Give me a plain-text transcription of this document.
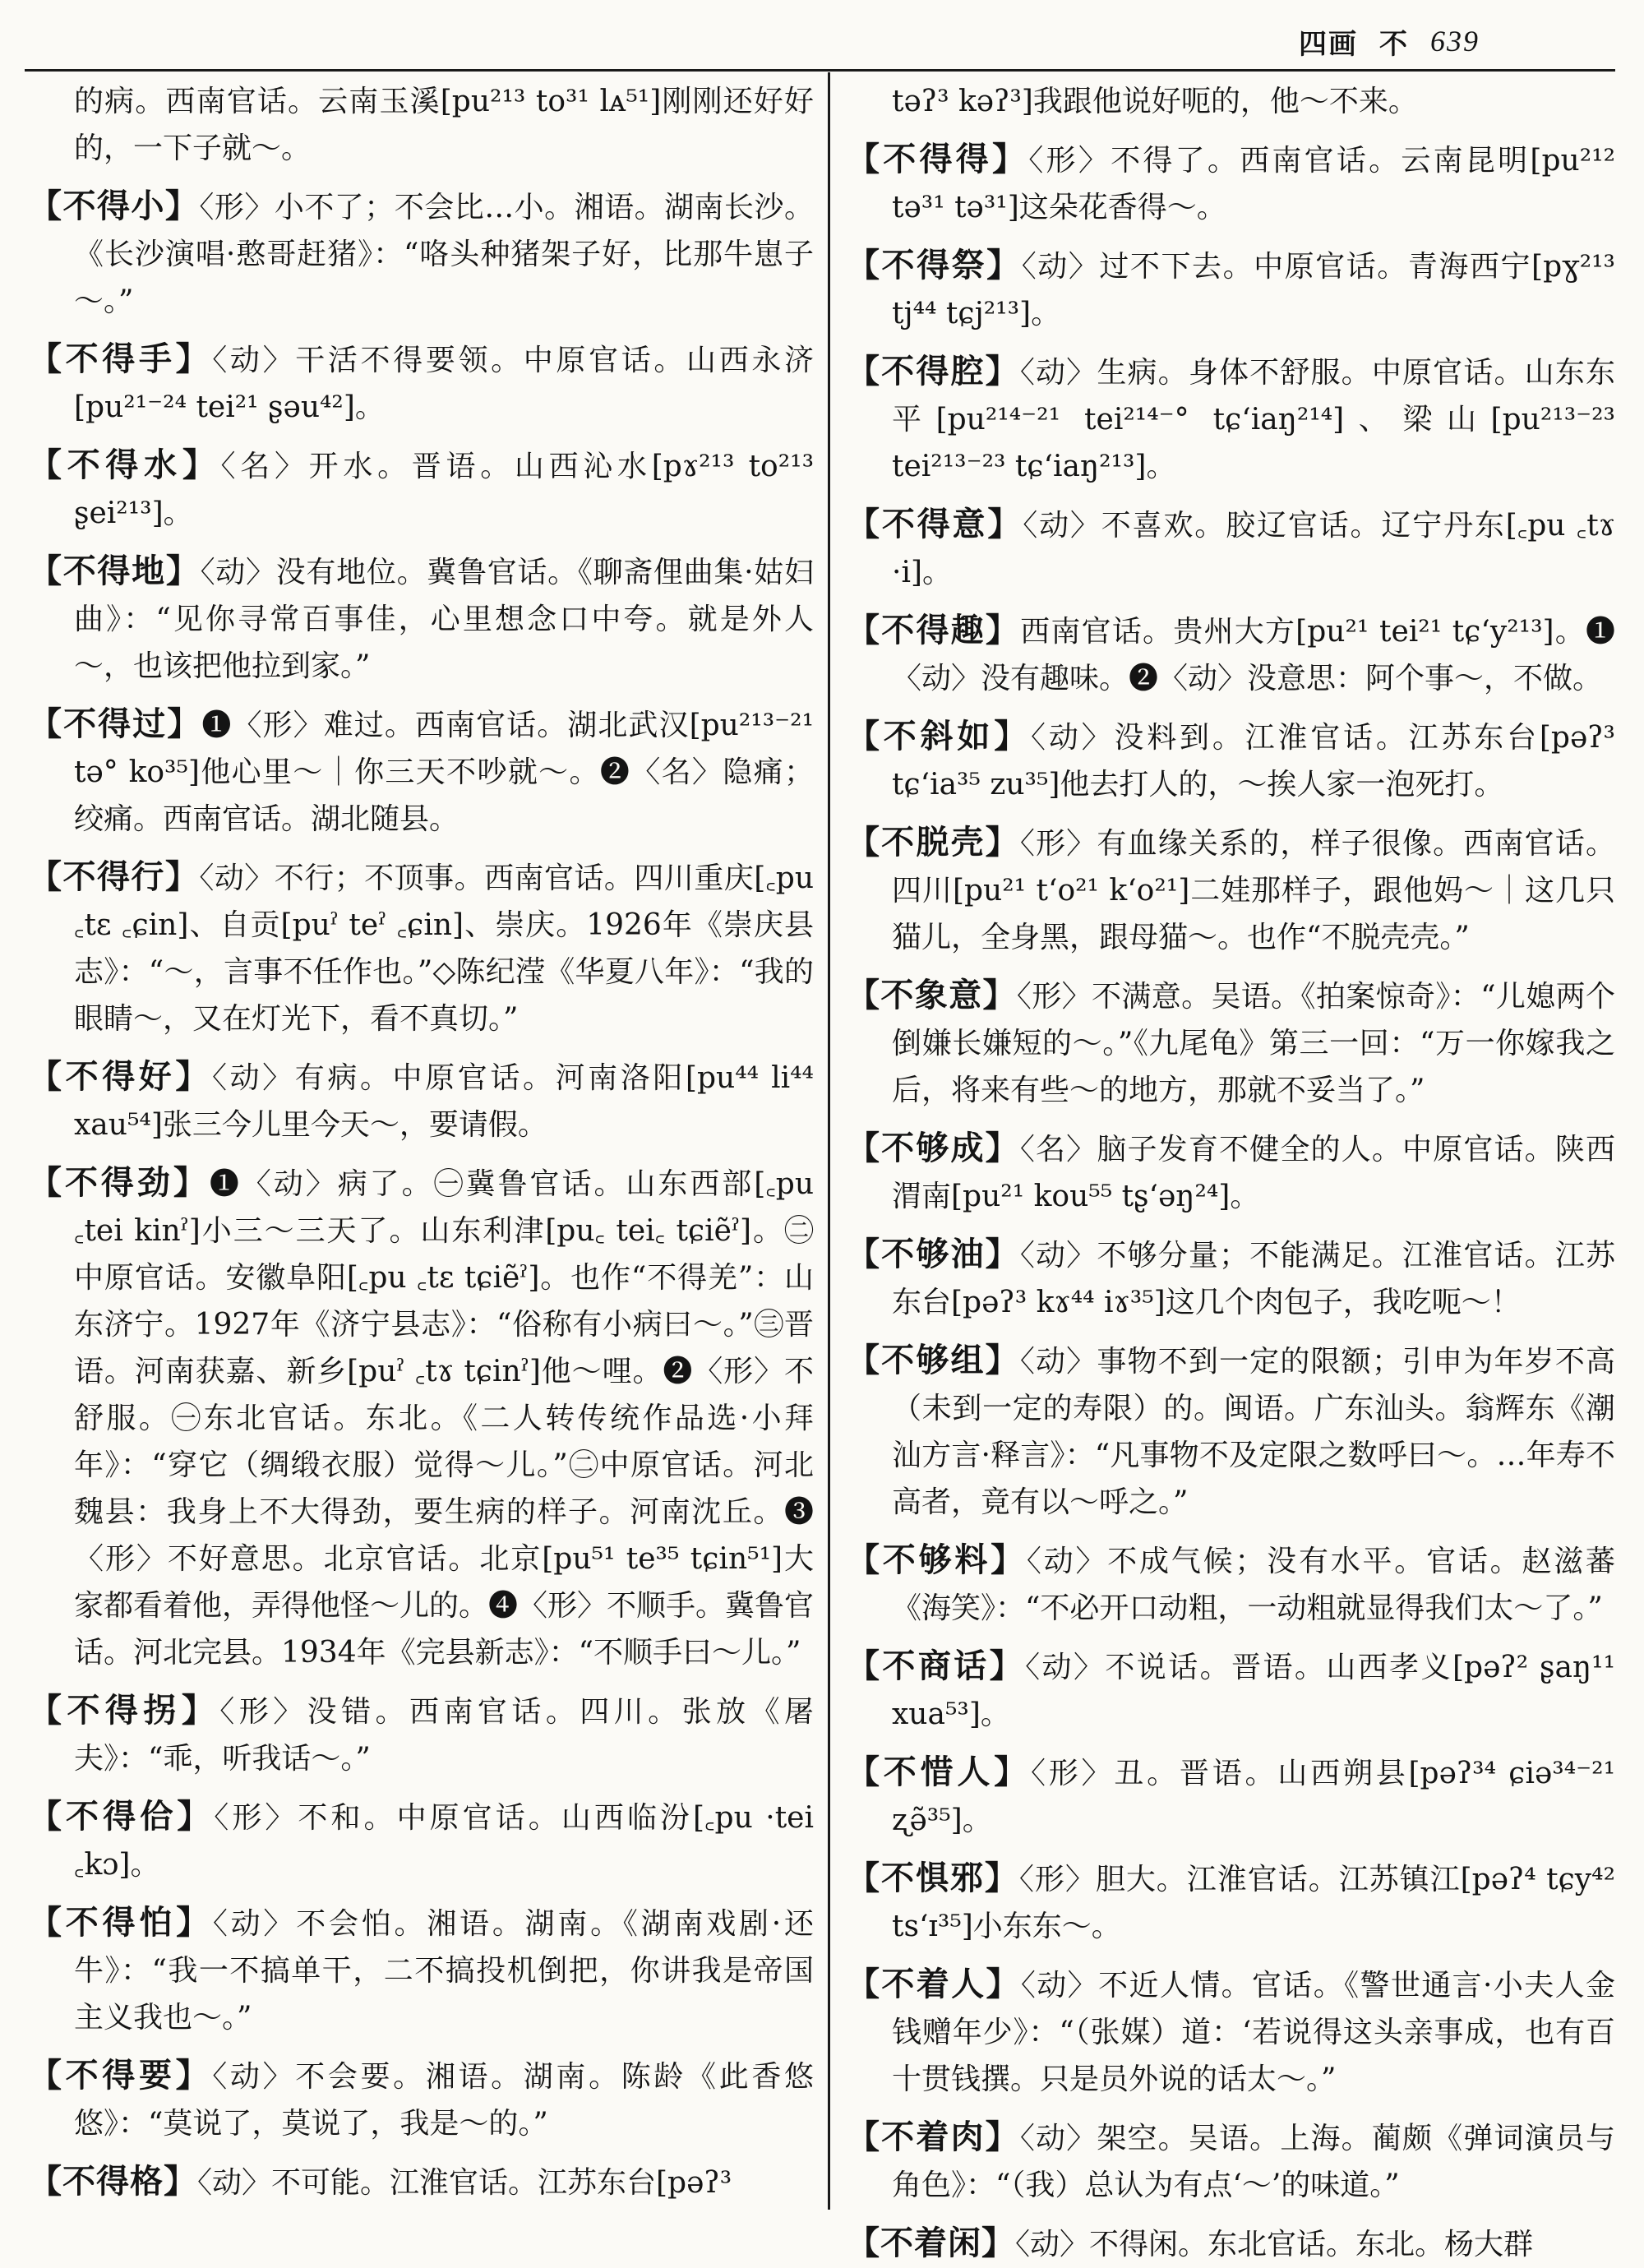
四画 不 639

的病。西南官话。云南玉溪[pu²¹³ to³¹ lᴀ⁵¹]刚刚还好好的，一下子就～。

【不得小】〈形〉小不了；不会比…小。湘语。湖南长沙。《长沙演唱·憨哥赶猪》：“咯头种猪架子好，比那牛崽子～。”

【不得手】〈动〉干活不得要领。中原官话。山西永济[pu²¹⁻²⁴ tei²¹ ʂəu⁴²]。

【不得水】〈名〉开水。晋语。山西沁水[pɤ²¹³ to²¹³ ʂei²¹³]。

【不得地】〈动〉没有地位。冀鲁官话。《聊斋俚曲集·姑妇曲》：“见你寻常百事佳，心里想念口中夸。就是外人～，也该把他拉到家。”

【不得过】❶〈形〉难过。西南官话。湖北武汉[pu²¹³⁻²¹ tə° ko³⁵]他心里～｜你三天不吵就～。❷〈名〉隐痛；绞痛。西南官话。湖北随县。

【不得行】〈动〉不行；不顶事。西南官话。四川重庆[꜀pu ꜀tɛ ꜀ɕin]、自贡[puˀ teˀ ꜀ɕin]、崇庆。1926年《崇庆县志》：“～，言事不任作也。”◇陈纪滢《华夏八年》：“我的眼睛～，又在灯光下，看不真切。”

【不得好】〈动〉有病。中原官话。河南洛阳[pu⁴⁴ li⁴⁴ xau⁵⁴]张三今儿里今天～，要请假。

【不得劲】❶〈动〉病了。㊀冀鲁官话。山东西部[꜀pu ꜀tei kinˀ]小三～三天了。山东利津[pu꜀ tei꜀ tɕiẽˀ]。㊁中原官话。安徽阜阳[꜀pu ꜀tɛ tɕiẽˀ]。也作“不得羌”：山东济宁。1927年《济宁县志》：“俗称有小病曰～。”㊂晋语。河南获嘉、新乡[puˀ ꜀tɤ tɕinˀ]他～哩。❷〈形〉不舒服。㊀东北官话。东北。《二人转传统作品选·小拜年》：“穿它（绸缎衣服）觉得～儿。”㊁中原官话。河北魏县：我身上不大得劲，要生病的样子。河南沈丘。❸〈形〉不好意思。北京官话。北京[pu⁵¹ te³⁵ tɕin⁵¹]大家都看着他，弄得他怪～儿的。❹〈形〉不顺手。冀鲁官话。河北完县。1934年《完县新志》：“不顺手曰～儿。”

【不得拐】〈形〉没错。西南官话。四川。张放《屠夫》：“乖，听我话～。”

【不得佮】〈形〉不和。中原官话。山西临汾[꜀pu ·tei ꜀kɔ]。

【不得怕】〈动〉不会怕。湘语。湖南。《湖南戏剧·还牛》：“我一不搞单干，二不搞投机倒把，你讲我是帝国主义我也～。”

【不得要】〈动〉不会要。湘语。湖南。陈龄《此香悠悠》：“莫说了，莫说了，我是～的。”

【不得格】〈动〉不可能。江淮官话。江苏东台[pəʔ³

təʔ³ kəʔ³]我跟他说好呃的，他～不来。

【不得得】〈形〉不得了。西南官话。云南昆明[pu²¹² tə³¹ tə³¹]这朵花香得～。

【不得祭】〈动〉过不下去。中原官话。青海西宁[pɣ²¹³ tj⁴⁴ tɕj²¹³]。

【不得腔】〈动〉生病。身体不舒服。中原官话。山东东平[pu²¹⁴⁻²¹ tei²¹⁴⁻° tɕʻiaŋ²¹⁴]、梁山[pu²¹³⁻²³ tei²¹³⁻²³ tɕʻiaŋ²¹³]。

【不得意】〈动〉不喜欢。胶辽官话。辽宁丹东[꜀pu ꜀tɤ ·i]。

【不得趣】西南官话。贵州大方[pu²¹ tei²¹ tɕʻy²¹³]。❶〈动〉没有趣味。❷〈动〉没意思：阿个事～，不做。

【不斜如】〈动〉没料到。江淮官话。江苏东台[pəʔ³ tɕʻia³⁵ zu³⁵]他去打人的，～挨人家一泡死打。

【不脱壳】〈形〉有血缘关系的，样子很像。西南官话。四川[pu²¹ tʻo²¹ kʻo²¹]二娃那样子，跟他妈～｜这几只猫儿，全身黑，跟母猫～。也作“不脱壳壳。”

【不象意】〈形〉不满意。吴语。《拍案惊奇》：“儿媳两个倒嫌长嫌短的～。”《九尾龟》第三一回：“万一你嫁我之后，将来有些～的地方，那就不妥当了。”

【不够成】〈名〉脑子发育不健全的人。中原官话。陕西渭南[pu²¹ kou⁵⁵ tʂʻəŋ²⁴]。

【不够油】〈动〉不够分量；不能满足。江淮官话。江苏东台[pəʔ³ kɤ⁴⁴ iɤ³⁵]这几个肉包子，我吃呃～！

【不够组】〈动〉事物不到一定的限额；引申为年岁不高（未到一定的寿限）的。闽语。广东汕头。翁辉东《潮汕方言·释言》：“凡事物不及定限之数呼曰～。…年寿不高者，竟有以～呼之。”

【不够料】〈动〉不成气候；没有水平。官话。赵滋蕃《海笑》：“不必开口动粗，一动粗就显得我们太～了。”

【不商话】〈动〉不说话。晋语。山西孝义[pəʔ² ʂaŋ¹¹ xua⁵³]。

【不惜人】〈形〉丑。晋语。山西朔县[pəʔ³⁴ ɕiə³⁴⁻²¹ ʐə̃³⁵]。

【不惧邪】〈形〉胆大。江淮官话。江苏镇江[pəʔ⁴ tɕy⁴² tsʻɪ³⁵]小东东～。

【不着人】〈动〉不近人情。官话。《警世通言·小夫人金钱赠年少》：“（张媒）道：‘若说得这头亲事成，也有百十贯钱撰。只是员外说的话太～。”

【不着肉】〈动〉架空。吴语。上海。蔺颇《弹词演员与角色》：“（我）总认为有点‘～’的味道。”

【不着闲】〈动〉不得闲。东北官话。东北。杨大群
